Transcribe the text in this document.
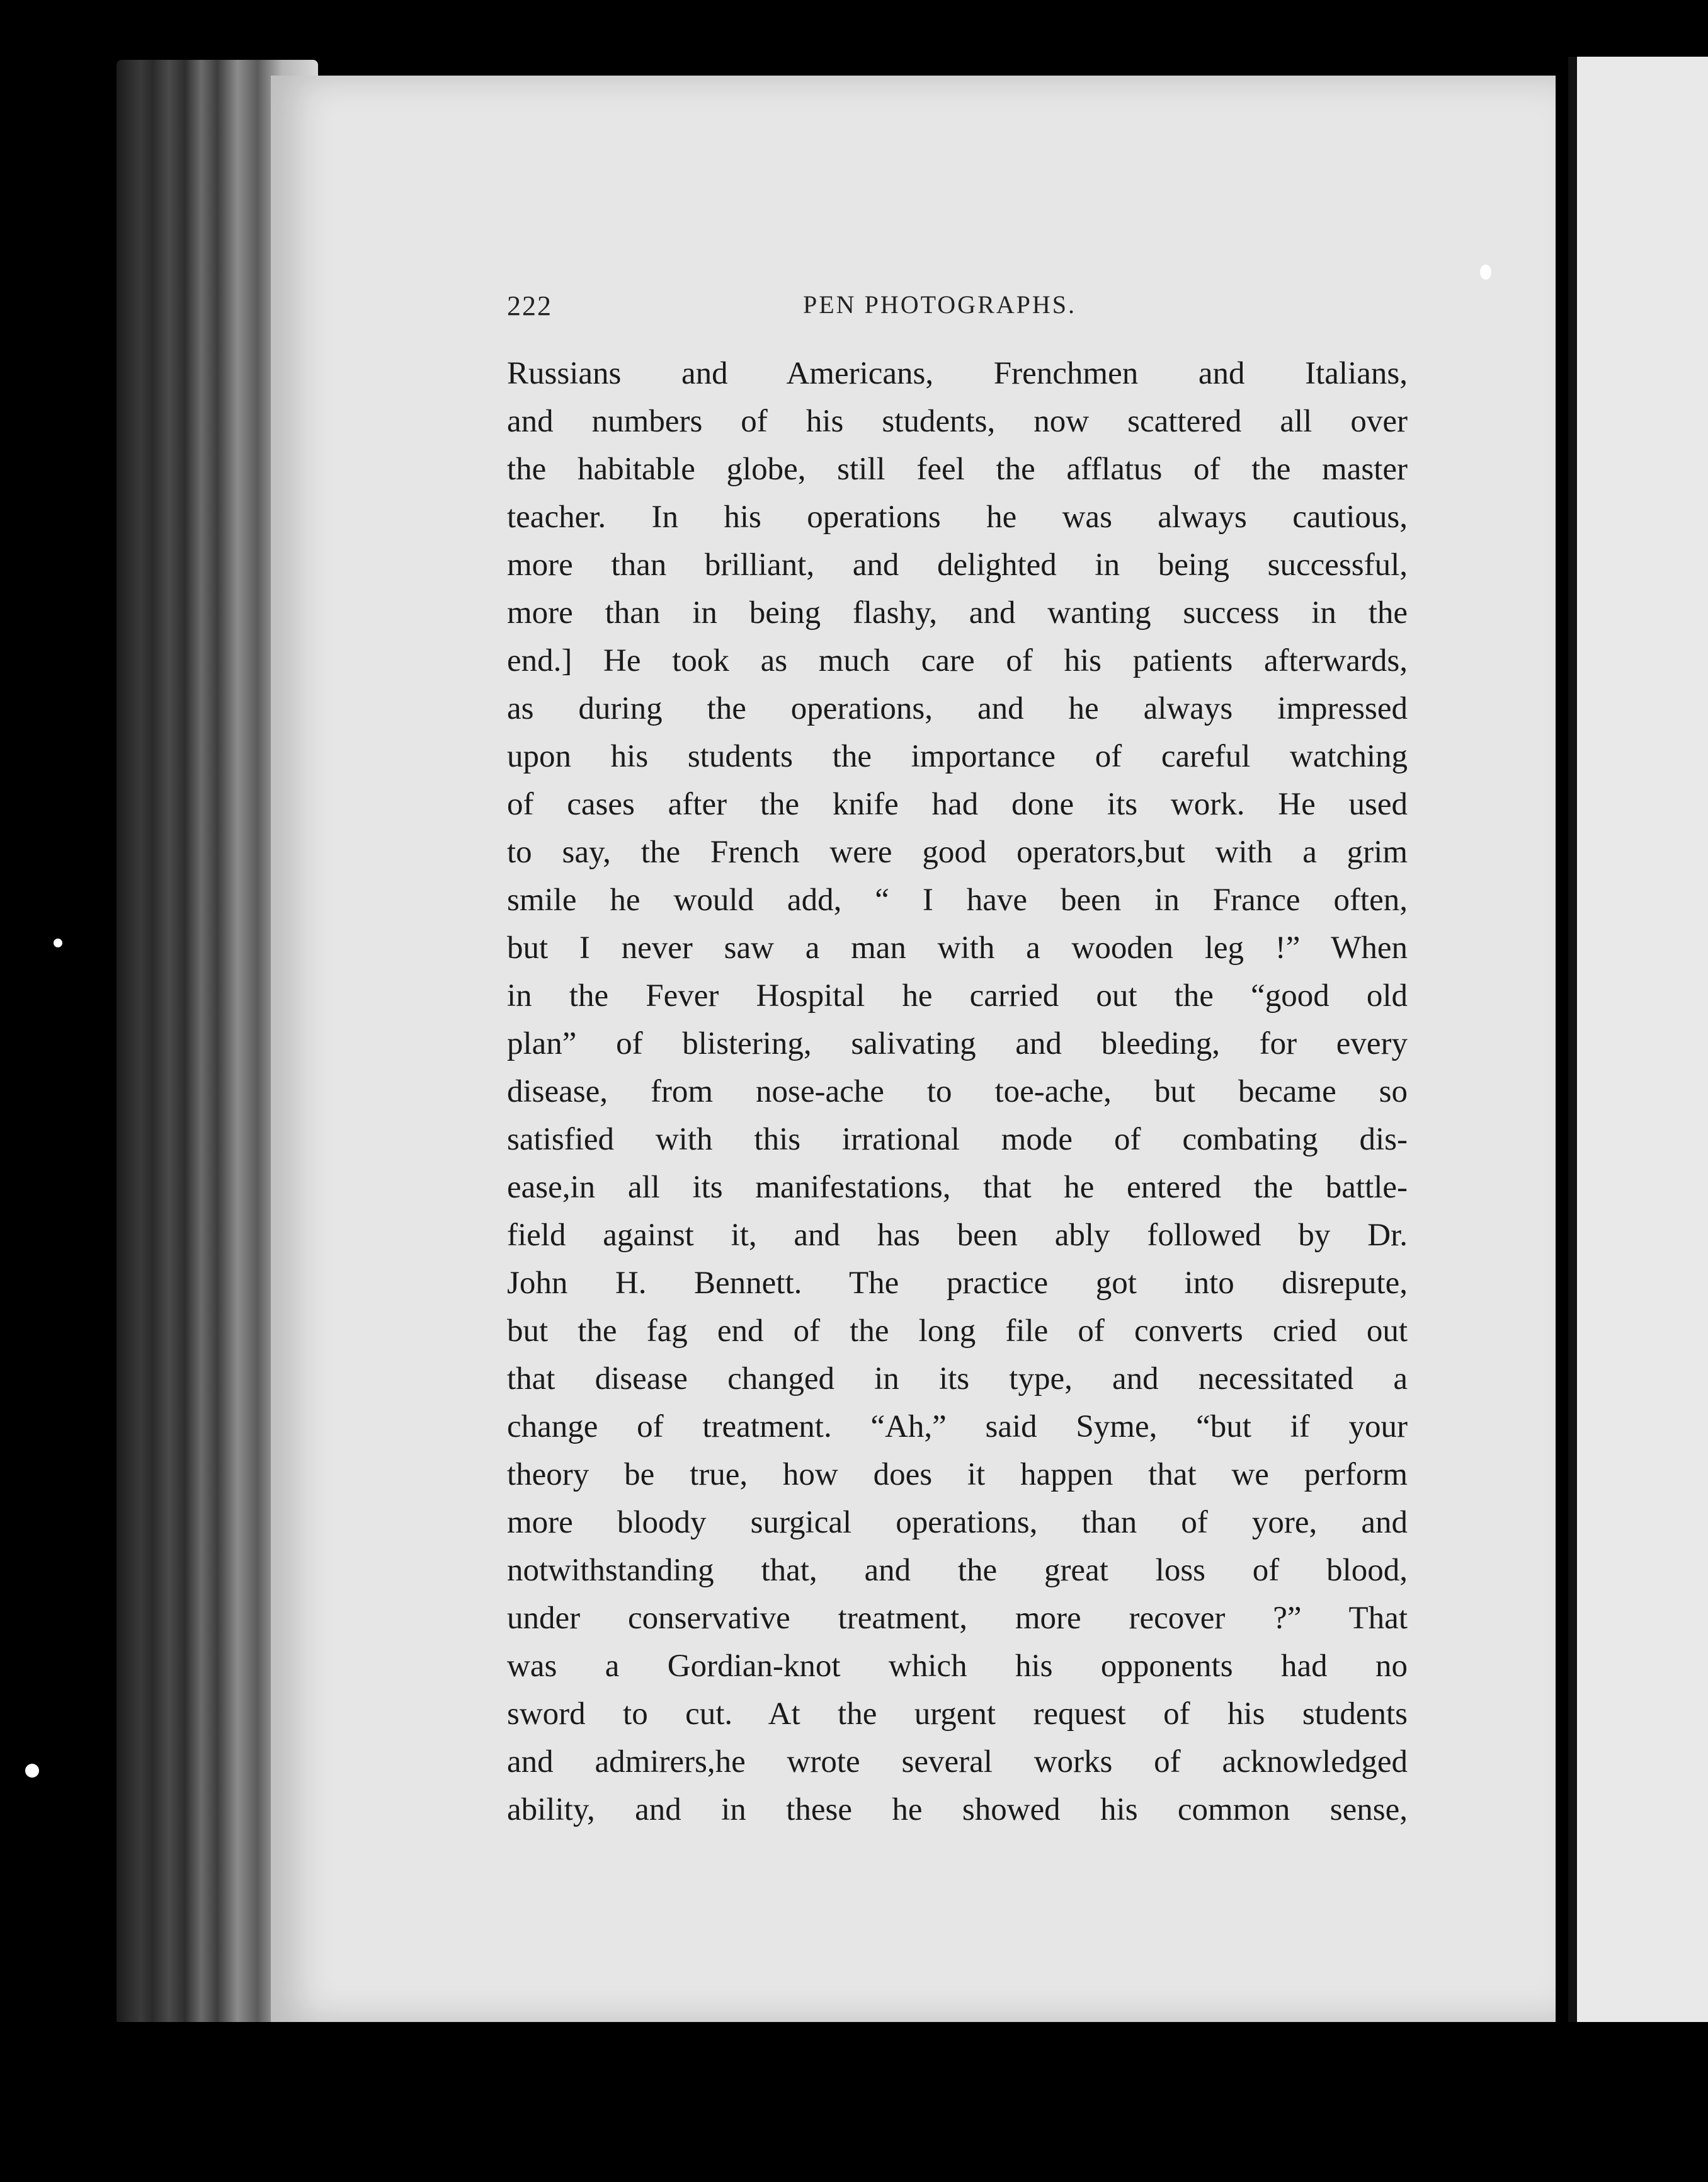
222	PEN PHOTOGRAPHS.
Russians and Americans, Frenchmen and Italians,
and numbers of his students, now scattered all over
the habitable globe, still feel the afflatus of the master
teacher. In his operations he was always cautious,
more than brilliant, and delighted in being successful,
more than in being flashy, and wanting success in the
end.] He took as much care of his patients afterwards,
as during the operations, and he always impressed
upon his students the importance of careful watching
of cases after the knife had done its work. He used
to say, the French were good operators,but with a grim
smile he would add, “ I have been in France often,
but I never saw a man with a wooden leg !” When
in the Fever Hospital he carried out the “good old
plan” of blistering, salivating and bleeding, for every
disease, from nose-ache to toe-ache, but became so
satisfied with this irrational mode of combating dis-
ease,in all its manifestations, that he entered the battle-
field against it, and has been ably followed by Dr.
John H. Bennett. The practice got into disrepute,
but the fag end of the long file of converts cried out
that disease changed in its type, and necessitated a
change of treatment. “Ah,” said Syme, “but if your
theory be true, how does it happen that we perform
more bloody surgical operations, than of yore, and
notwithstanding that, and the great loss of blood,
under conservative treatment, more recover ?” That
was a Gordian-knot which his opponents had no
sword to cut. At the urgent request of his students
and admirers,he wrote several works of acknowledged
ability, and in these he showed his common sense,
